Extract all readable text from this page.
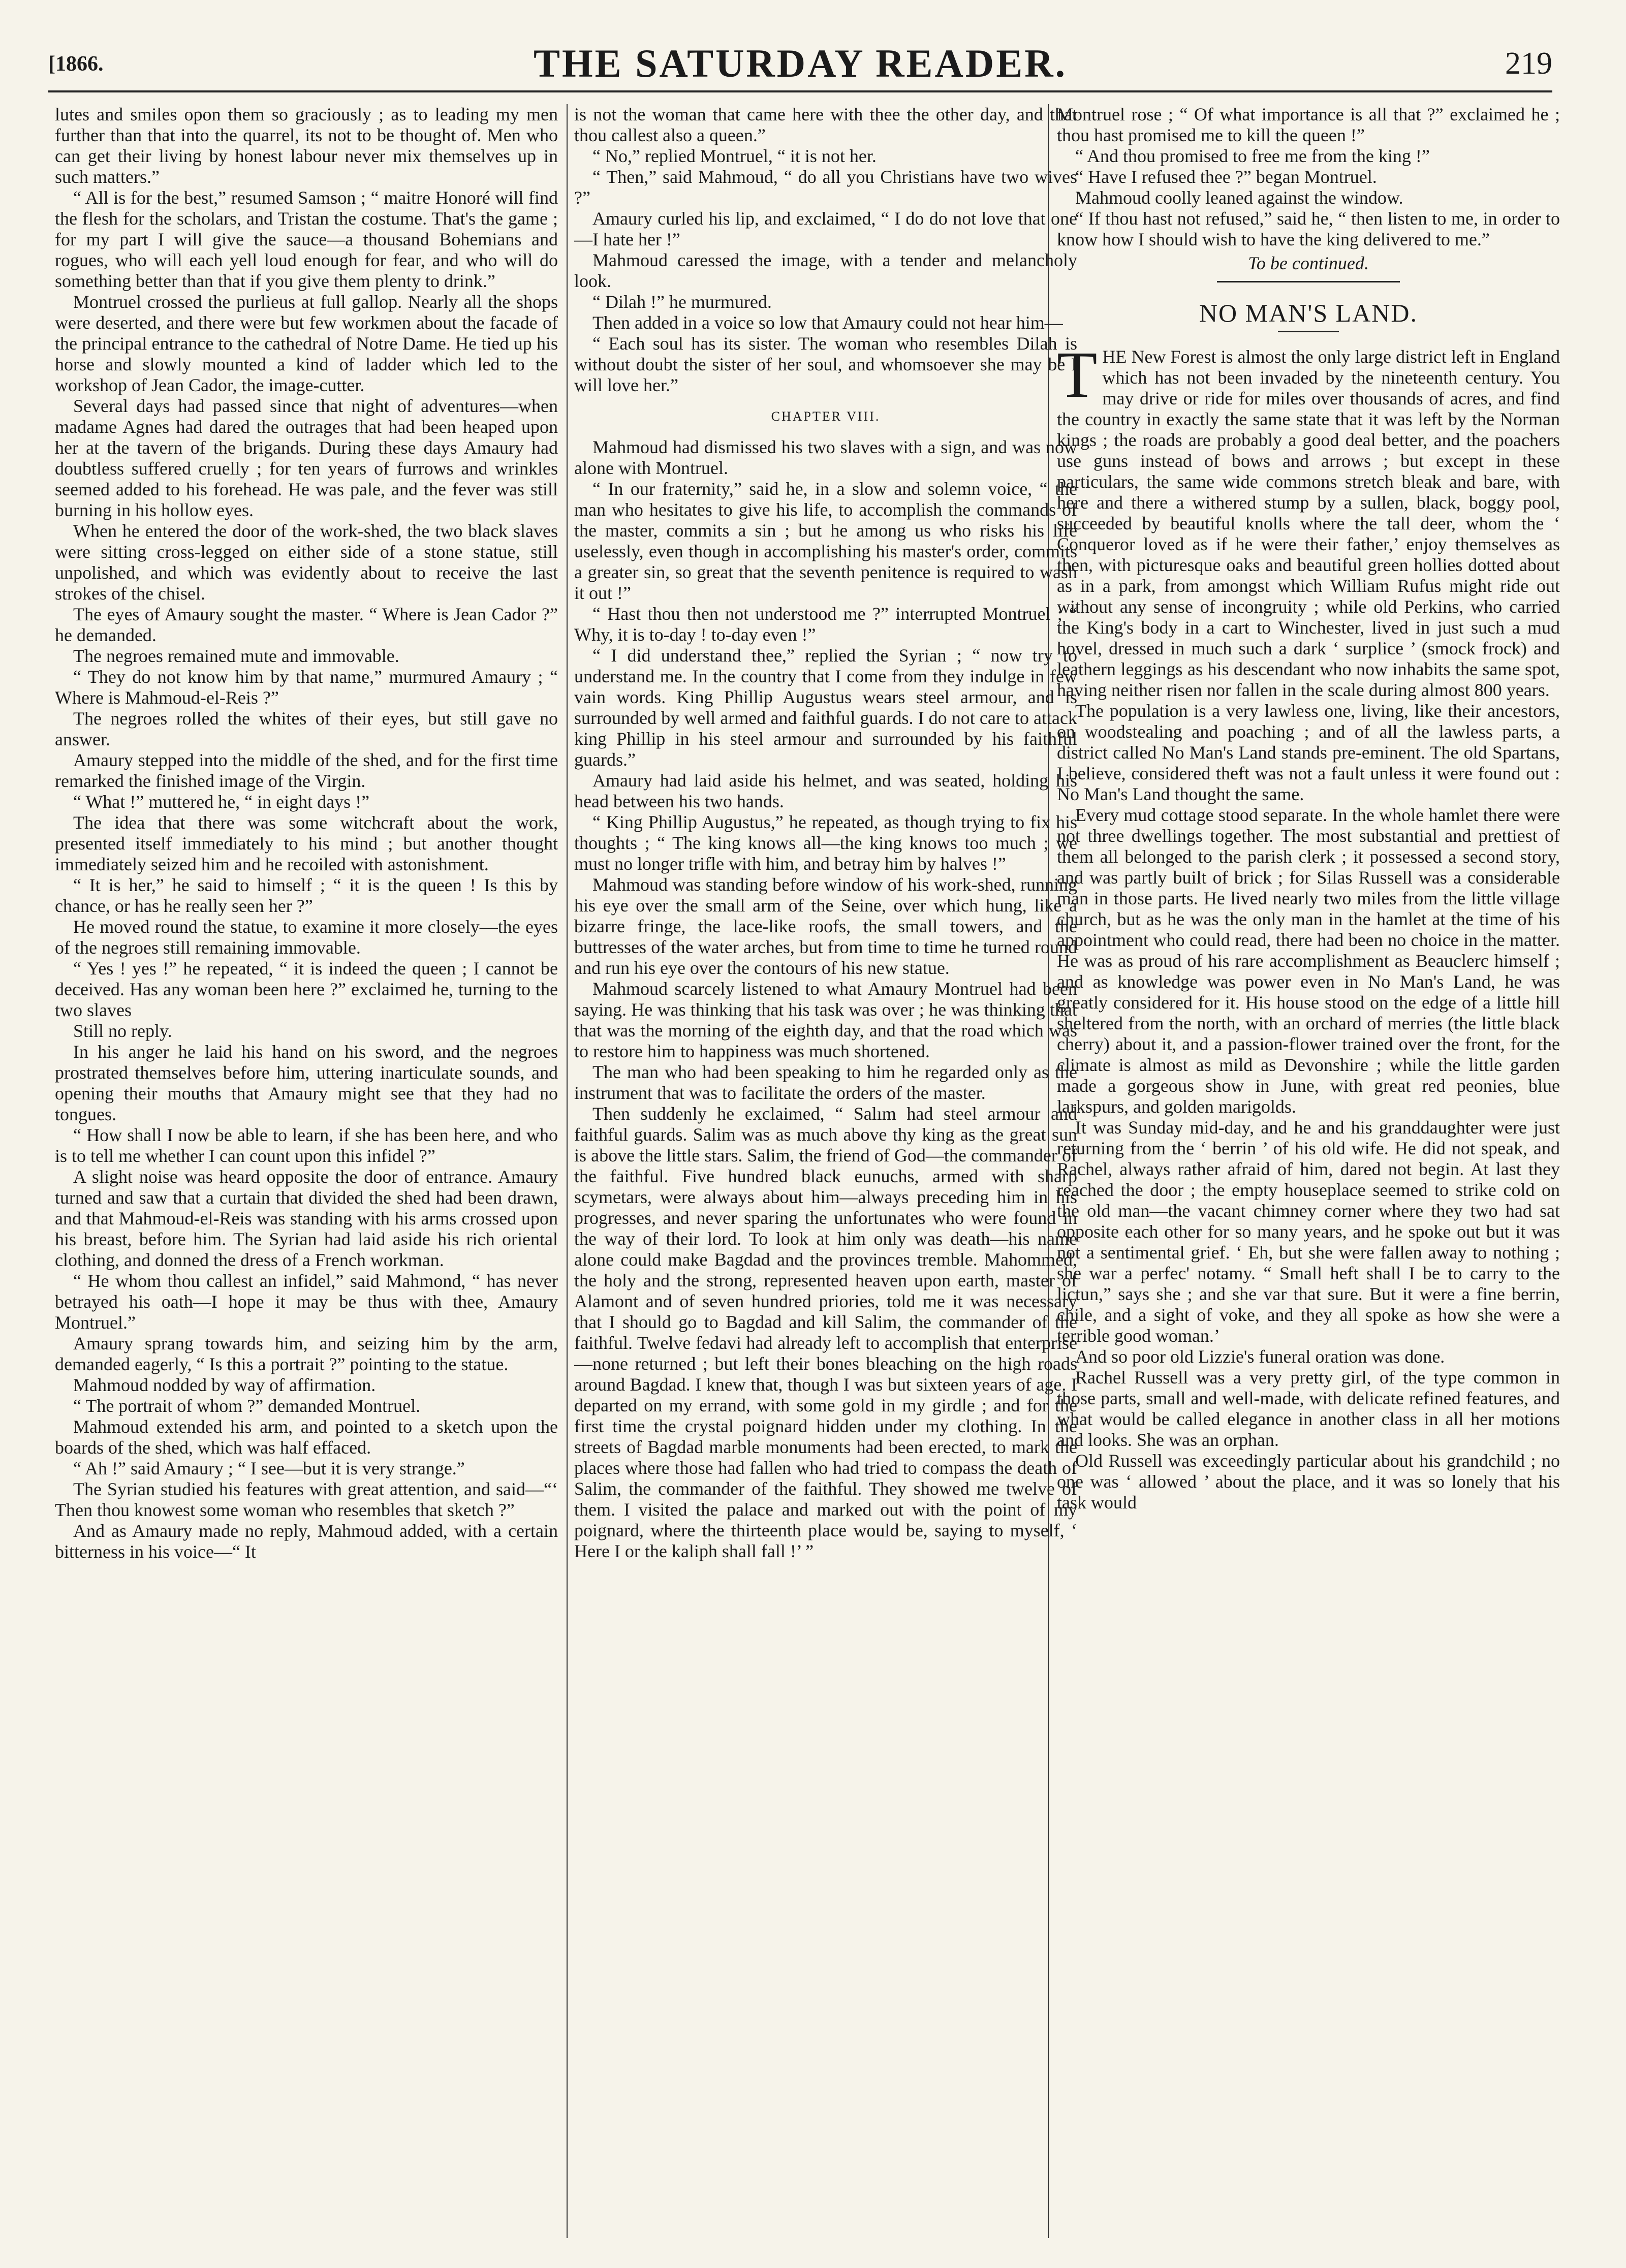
[1866.	THE SATURDAY READER.	219

lutes and smiles opon them so graciously ; as to leading my men further than that into the quarrel, its not to be thought of. Men who can get their living by honest labour never mix themselves up in such matters.”

“ All is for the best,” resumed Samson ; “ maitre Honoré will find the flesh for the scholars, and Tristan the costume. That's the game ; for my part I will give the sauce—a thousand Bohemians and rogues, who will each yell loud enough for fear, and who will do something better than that if you give them plenty to drink.”

Montruel crossed the purlieus at full gallop. Nearly all the shops were deserted, and there were but few workmen about the facade of the principal entrance to the cathedral of Notre Dame. He tied up his horse and slowly mounted a kind of ladder which led to the workshop of Jean Cador, the image-cutter.

Several days had passed since that night of adventures—when madame Agnes had dared the outrages that had been heaped upon her at the tavern of the brigands. During these days Amaury had doubtless suffered cruelly ; for ten years of furrows and wrinkles seemed added to his forehead. He was pale, and the fever was still burning in his hollow eyes.

When he entered the door of the work-shed, the two black slaves were sitting cross-legged on either side of a stone statue, still unpolished, and which was evidently about to receive the last strokes of the chisel.

The eyes of Amaury sought the master. “ Where is Jean Cador ?” he demanded.

The negroes remained mute and immovable.

“ They do not know him by that name,” murmured Amaury ; “ Where is Mahmoud-el-Reis ?”

The negroes rolled the whites of their eyes, but still gave no answer.

Amaury stepped into the middle of the shed, and for the first time remarked the finished image of the Virgin.

“ What !” muttered he, “ in eight days !”

The idea that there was some witchcraft about the work, presented itself immediately to his mind ; but another thought immediately seized him and he recoiled with astonishment.

“ It is her,” he said to himself ; “ it is the queen ! Is this by chance, or has he really seen her ?”

He moved round the statue, to examine it more closely—the eyes of the negroes still remaining immovable.

“ Yes ! yes !” he repeated, “ it is indeed the queen ; I cannot be deceived. Has any woman been here ?” exclaimed he, turning to the two slaves

Still no reply.

In his anger he laid his hand on his sword, and the negroes prostrated themselves before him, uttering inarticulate sounds, and opening their mouths that Amaury might see that they had no tongues.

“ How shall I now be able to learn, if she has been here, and who is to tell me whether I can count upon this infidel ?”

A slight noise was heard opposite the door of entrance. Amaury turned and saw that a curtain that divided the shed had been drawn, and that Mahmoud-el-Reis was standing with his arms crossed upon his breast, before him. The Syrian had laid aside his rich oriental clothing, and donned the dress of a French workman.

“ He whom thou callest an infidel,” said Mahmond, “ has never betrayed his oath—I hope it may be thus with thee, Amaury Montruel.”

Amaury sprang towards him, and seizing him by the arm, demanded eagerly, “ Is this a portrait ?” pointing to the statue.

Mahmoud nodded by way of affirmation.

“ The portrait of whom ?” demanded Montruel.

Mahmoud extended his arm, and pointed to a sketch upon the boards of the shed, which was half effaced.

“ Ah !” said Amaury ; “ I see—but it is very strange.”

The Syrian studied his features with great attention, and said—“‘ Then thou knowest some woman who resembles that sketch ?”

And as Amaury made no reply, Mahmoud added, with a certain bitterness in his voice—“ It

is not the woman that came here with thee the other day, and that thou callest also a queen.”

“ No,” replied Montruel, “ it is not her.

“ Then,” said Mahmoud, “ do all you Christians have two wives ?”

Amaury curled his lip, and exclaimed, “ I do do not love that one—I hate her !”

Mahmoud caressed the image, with a tender and melancholy look.

“ Dilah !” he murmured.

Then added in a voice so low that Amaury could not hear him—

“ Each soul has its sister. The woman who resembles Dilah is without doubt the sister of her soul, and whomsoever she may be I will love her.”

CHAPTER VIII.

Mahmoud had dismissed his two slaves with a sign, and was now alone with Montruel.

“ In our fraternity,” said he, in a slow and solemn voice, “ the man who hesitates to give his life, to accomplish the commands of the master, commits a sin ; but he among us who risks his life uselessly, even though in accomplishing his master's order, commits a greater sin, so great that the seventh penitence is required to wash it out !”

“ Hast thou then not understood me ?” interrupted Montruel ; “ Why, it is to-day ! to-day even !”

“ I did understand thee,” replied the Syrian ; “ now try to understand me. In the country that I come from they indulge in few vain words. King Phillip Augustus wears steel armour, and is surrounded by well armed and faithful guards. I do not care to attack king Phillip in his steel armour and surrounded by his faithful guards.”

Amaury had laid aside his helmet, and was seated, holding his head between his two hands.

“ King Phillip Augustus,” he repeated, as though trying to fix his thoughts ; “ The king knows all—the king knows too much ; we must no longer trifle with him, and betray him by halves !”

Mahmoud was standing before window of his work-shed, running his eye over the small arm of the Seine, over which hung, like a bizarre fringe, the lace-like roofs, the small towers, and the buttresses of the water arches, but from time to time he turned round and run his eye over the contours of his new statue.

Mahmoud scarcely listened to what Amaury Montruel had been saying. He was thinking that his task was over ; he was thinking that that was the morning of the eighth day, and that the road which was to restore him to happiness was much shortened.

The man who had been speaking to him he regarded only as the instrument that was to facilitate the orders of the master.

Then suddenly he exclaimed, “ Salım had steel armour and faithful guards. Salim was as much above thy king as the great sun is above the little stars. Salim, the friend of God—the commander of the faithful. Five hundred black eunuchs, armed with sharp scymetars, were always about him—always preceding him in his progresses, and never sparing the unfortunates who were found in the way of their lord. To look at him only was death—his name alone could make Bagdad and the provinces tremble. Mahommed, the holy and the strong, represented heaven upon earth, master of Alamont and of seven hundred priories, told me it was necessary that I should go to Bagdad and kill Salim, the commander of the faithful. Twelve fedavi had already left to accomplish that enterprise—none returned ; but left their bones bleaching on the high roads around Bagdad. I knew that, though I was but sixteen years of age. I departed on my errand, with some gold in my girdle ; and for the first time the crystal poignard hidden under my clothing. In the streets of Bagdad marble monuments had been erected, to mark the places where those had fallen who had tried to compass the death of Salim, the commander of the faithful. They showed me twelve of them. I visited the palace and marked out with the point of my poignard, where the thirteenth place would be, saying to myself, ‘ Here I or the kaliph shall fall !’ ”

Montruel rose ; “ Of what importance is all that ?” exclaimed he ; thou hast promised me to kill the queen !”

“ And thou promised to free me from the king !”

“ Have I refused thee ?” began Montruel.

Mahmoud coolly leaned against the window.

“ If thou hast not refused,” said he, “ then listen to me, in order to know how I should wish to have the king delivered to me.”

To be continued.
NO MAN'S LAND.

THE New Forest is almost the only large district left in England which has not been invaded by the nineteenth century. You may drive or ride for miles over thousands of acres, and find the country in exactly the same state that it was left by the Norman kings ; the roads are probably a good deal better, and the poachers use guns instead of bows and arrows ; but except in these particulars, the same wide commons stretch bleak and bare, with here and there a withered stump by a sullen, black, boggy pool, succeeded by beautiful knolls where the tall deer, whom the ‘ Conqueror loved as if he were their father,’ enjoy themselves as then, with picturesque oaks and beautiful green hollies dotted about as in a park, from amongst which William Rufus might ride out without any sense of incongruity ; while old Perkins, who carried the King's body in a cart to Winchester, lived in just such a mud hovel, dressed in much such a dark ‘ surplice ’ (smock frock) and leathern leggings as his descendant who now inhabits the same spot, having neither risen nor fallen in the scale during almost 800 years.

The population is a very lawless one, living, like their ancestors, on woodstealing and poaching ; and of all the lawless parts, a district called No Man's Land stands pre-eminent. The old Spartans, I believe, considered theft was not a fault unless it were found out : No Man's Land thought the same.

Every mud cottage stood separate. In the whole hamlet there were not three dwellings together. The most substantial and prettiest of them all belonged to the parish clerk ; it possessed a second story, and was partly built of brick ; for Silas Russell was a considerable man in those parts. He lived nearly two miles from the little village church, but as he was the only man in the hamlet at the time of his appointment who could read, there had been no choice in the matter. He was as proud of his rare accomplishment as Beauclerc himself ; and as knowledge was power even in No Man's Land, he was greatly considered for it. His house stood on the edge of a little hill sheltered from the north, with an orchard of merries (the little black cherry) about it, and a passion-flower trained over the front, for the climate is almost as mild as Devonshire ; while the little garden made a gorgeous show in June, with great red peonies, blue larkspurs, and golden marigolds.

It was Sunday mid-day, and he and his granddaughter were just returning from the ‘ berrin ’ of his old wife. He did not speak, and Rachel, always rather afraid of him, dared not begin. At last they reached the door ; the empty houseplace seemed to strike cold on the old man—the vacant chimney corner where they two had sat opposite each other for so many years, and he spoke out but it was not a sentimental grief. ‘ Eh, but she were fallen away to nothing ; she war a perfec' notamy. “ Small heft shall I be to carry to the lictun,” says she ; and she var that sure. But it were a fine berrin, chile, and a sight of voke, and they all spoke as how she were a terrible good woman.’

And so poor old Lizzie's funeral oration was done.

Rachel Russell was a very pretty girl, of the type common in those parts, small and well-made, with delicate refined features, and what would be called elegance in another class in all her motions and looks. She was an orphan.

Old Russell was exceedingly particular about his grandchild ; no one was ‘ allowed ’ about the place, and it was so lonely that his task would
